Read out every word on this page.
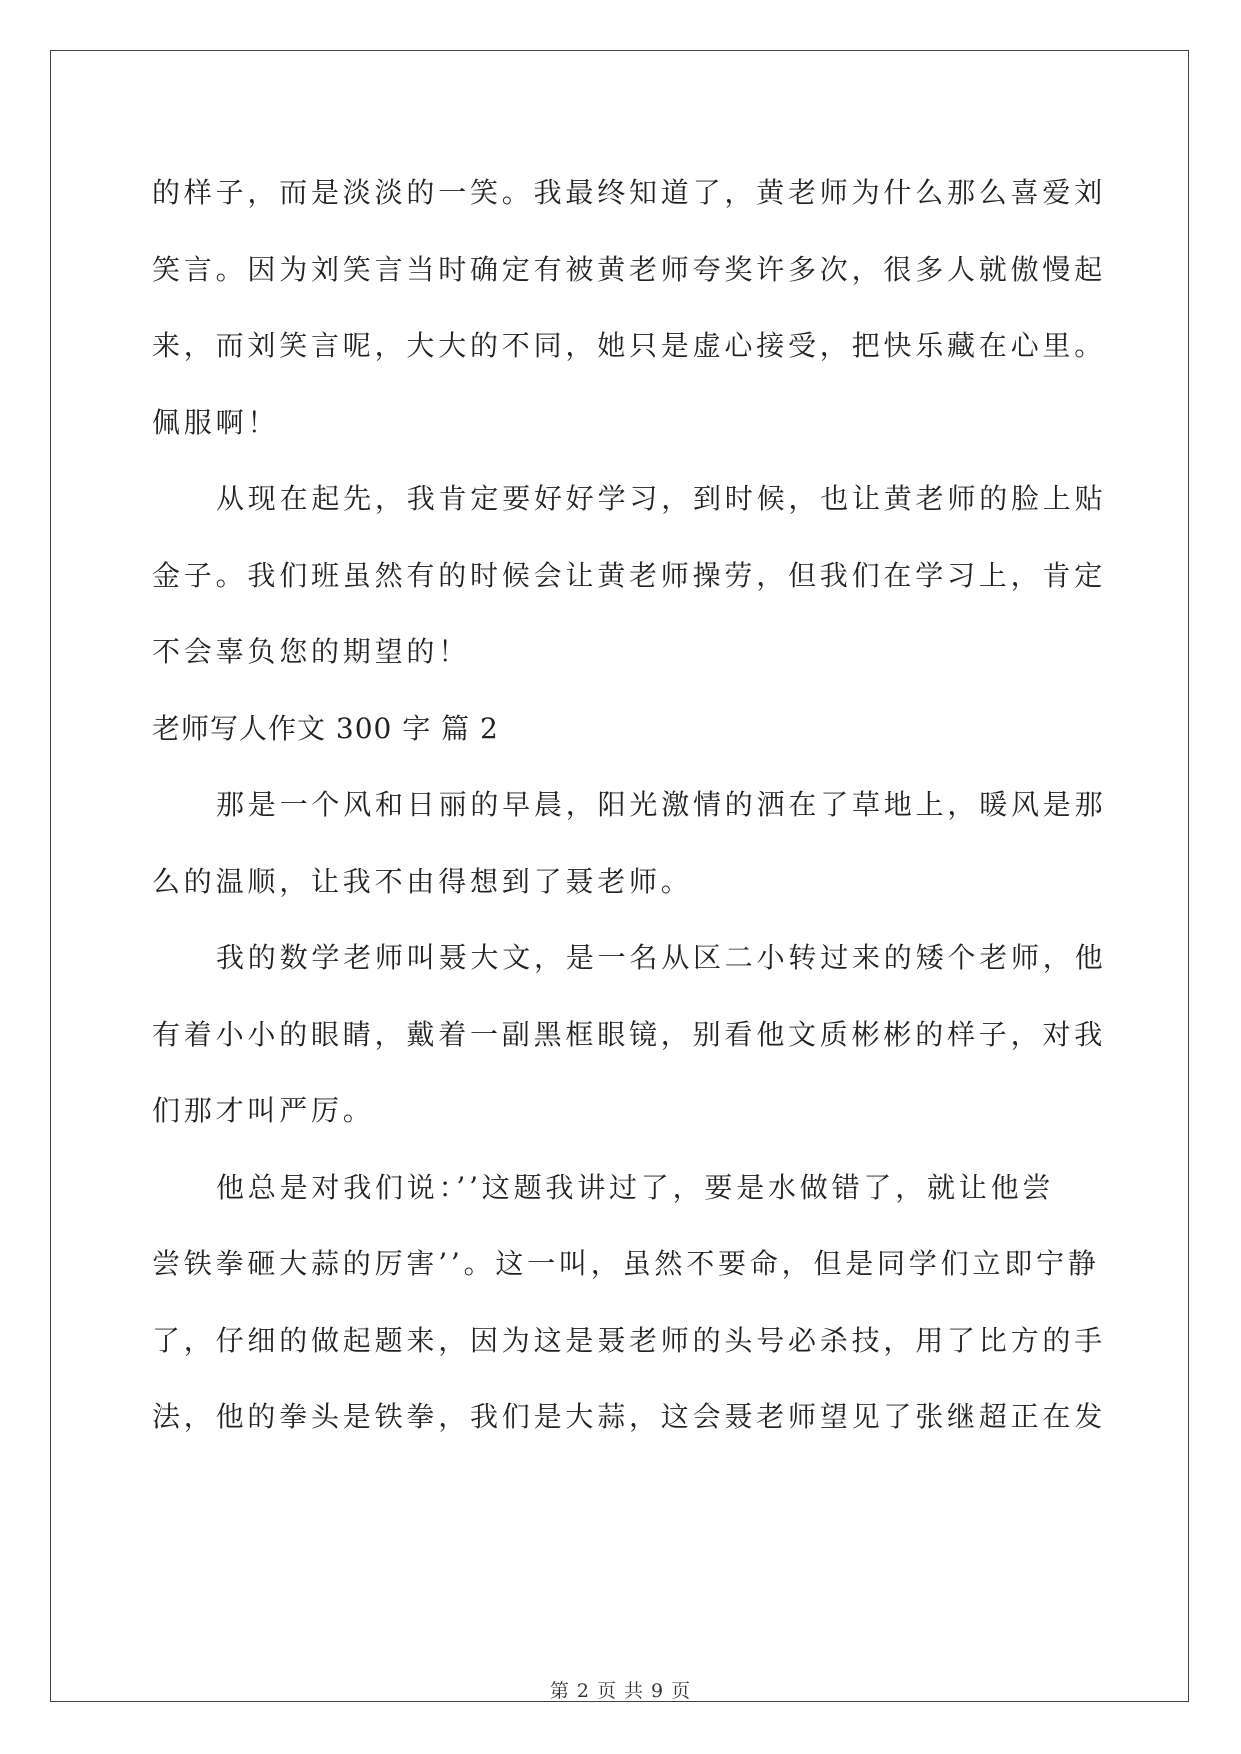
的样子，而是淡淡的一笑。我最终知道了，黄老师为什么那么喜爱刘
笑言。因为刘笑言当时确定有被黄老师夸奖许多次，很多人就傲慢起
来，而刘笑言呢，大大的不同，她只是虚心接受，把快乐藏在心里。
佩服啊！
从现在起先，我肯定要好好学习，到时候，也让黄老师的脸上贴
金子。我们班虽然有的时候会让黄老师操劳，但我们在学习上，肯定
不会辜负您的期望的！
老师写人作文 300 字 篇 2
那是一个风和日丽的早晨，阳光激情的洒在了草地上，暖风是那
么的温顺，让我不由得想到了聂老师。
我的数学老师叫聂大文，是一名从区二小转过来的矮个老师，他
有着小小的眼睛，戴着一副黑框眼镜，别看他文质彬彬的样子，对我
们那才叫严厉。
他总是对我们说：’’这题我讲过了，要是水做错了，就让他尝
尝铁拳砸大蒜的厉害’’。这一叫，虽然不要命，但是同学们立即宁静
了，仔细的做起题来，因为这是聂老师的头号必杀技，用了比方的手
法，他的拳头是铁拳，我们是大蒜，这会聂老师望见了张继超正在发
第 2 页 共 9 页
